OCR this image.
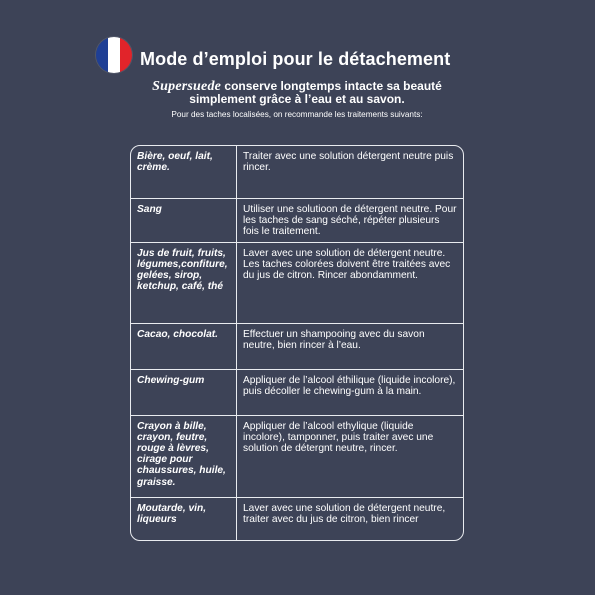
Mode d’emploi pour le détachement
Supersuede conserve longtemps intacte sa beauté simplement grâce à l’eau et au savon.
Pour des taches localisées, on recommande les traitements suivants:
Bière, oeuf, lait, crème.	Traiter avec une solution détergent neutre puis rincer.
Sang	Utiliser une solutioon de détergent neutre. Pour les taches de sang séché, répéter plusieurs fois le traitement.
Jus de fruit, fruits, légumes,confiture, gelées, sirop, ketchup, café, thé	Laver avec une solution de détergent neutre. Les taches colorées doivent être traitées avec du jus de citron. Rincer abondamment.
Cacao, chocolat.	Effectuer un shampooing avec du savon neutre, bien rincer à l’eau.
Chewing-gum	Appliquer de l’alcool éthilique (liquide incolore), puis décoller le chewing-gum à la main.
Crayon à bille, crayon, feutre, rouge à lèvres, cirage pour chaussures, huile, graisse.	Appliquer de l’alcool ethylique (liquide incolore), tamponner, puis traiter avec une solution de détergnt neutre, rincer.
Moutarde, vin, liqueurs	Laver avec une solution de détergent neutre, traiter avec du jus de citron, bien rincer
